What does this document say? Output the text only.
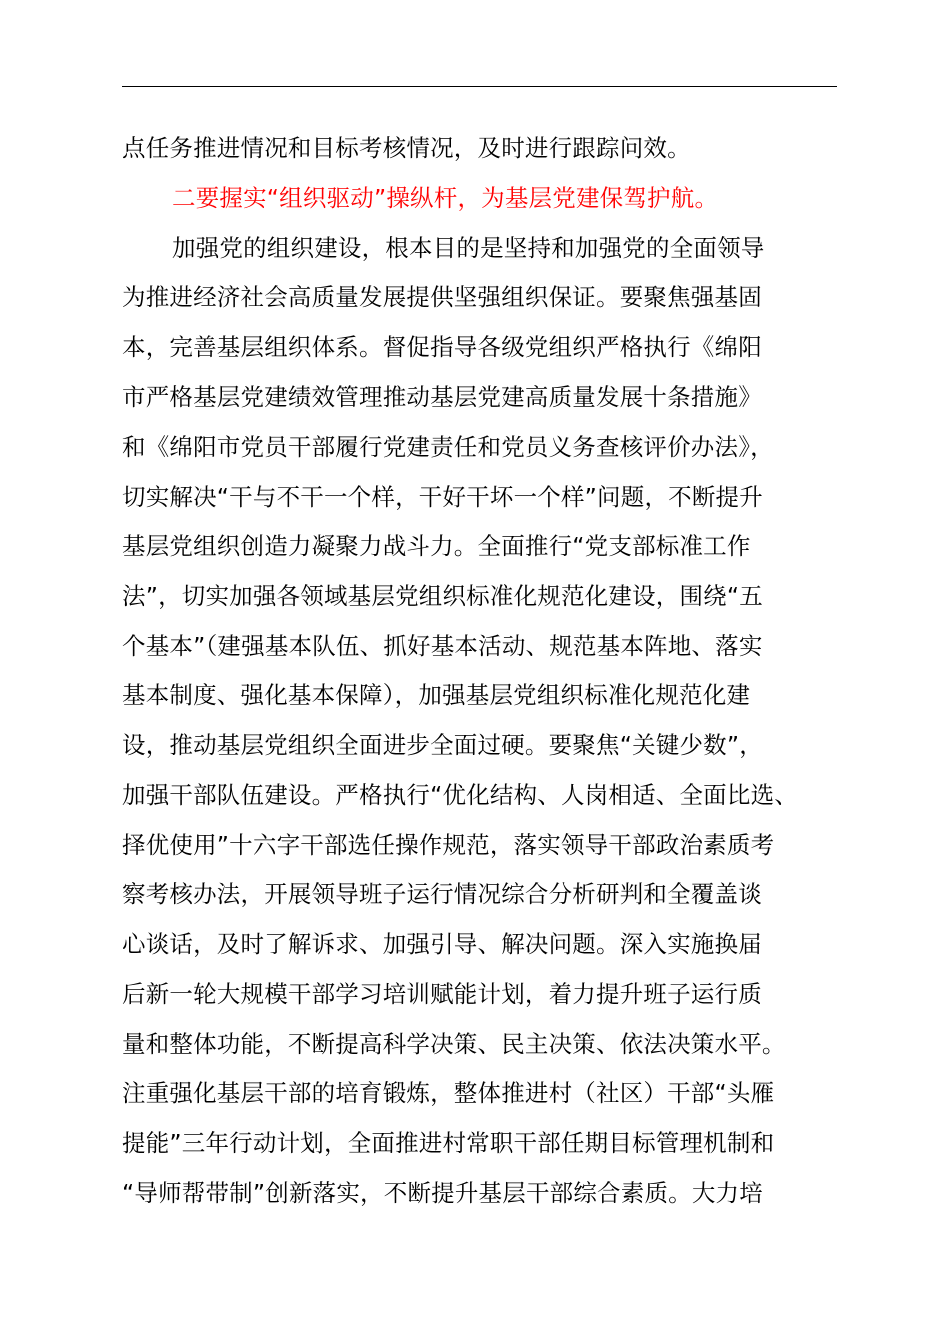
点任务推进情况和目标考核情况，及时进行跟踪问效。
二要握实“组织驱动”操纵杆，为基层党建保驾护航。
加强党的组织建设，根本目的是坚持和加强党的全面领导
为推进经济社会高质量发展提供坚强组织保证。要聚焦强基固
本，完善基层组织体系。督促指导各级党组织严格执行《绵阳
市严格基层党建绩效管理推动基层党建高质量发展十条措施》
和《绵阳市党员干部履行党建责任和党员义务查核评价办法》，
切实解决“干与不干一个样，干好干坏一个样”问题，不断提升
基层党组织创造力凝聚力战斗力。全面推行“党支部标准工作
法”，切实加强各领域基层党组织标准化规范化建设，围绕“五
个基本”（建强基本队伍、抓好基本活动、规范基本阵地、落实
基本制度、强化基本保障），加强基层党组织标准化规范化建
设，推动基层党组织全面进步全面过硬。要聚焦“关键少数”，
加强干部队伍建设。严格执行“优化结构、人岗相适、全面比选、
择优使用”十六字干部选任操作规范，落实领导干部政治素质考
察考核办法，开展领导班子运行情况综合分析研判和全覆盖谈
心谈话，及时了解诉求、加强引导、解决问题。深入实施换届
后新一轮大规模干部学习培训赋能计划，着力提升班子运行质
量和整体功能，不断提高科学决策、民主决策、依法决策水平。
注重强化基层干部的培育锻炼，整体推进村（社区）干部“头雁
提能”三年行动计划，全面推进村常职干部任期目标管理机制和
“导师帮带制”创新落实，不断提升基层干部综合素质。大力培
